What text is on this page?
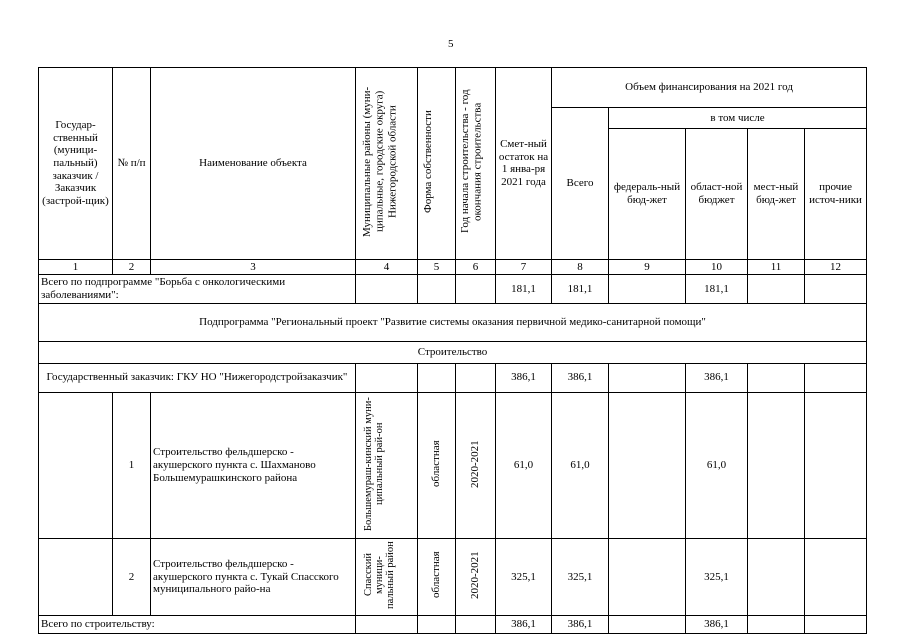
5
Государ-ственный (муници-пальный) заказчик / Заказчик (застрой-щик)	№ п/п	Наименование объекта	Муниципальные районы (муни-ципальные, городские округа) Нижегородской области	Форма собственности	Год начала строительства - год окончания строительства	Смет-ный остаток на 1 янва-ря 2021 года	Объем финансирования на 2021 год				
							Всего	в том числе			
								федераль-ный бюд-жет	област-ной бюджет	мест-ный бюд-жет	прочие источ-ники
1	2	3	4	5	6	7	8	9	10	11	12
Всего по подпрограмме "Борьба с онкологическими заболеваниями":						181,1	181,1		181,1		
Подпрограмма "Региональный проект "Развитие системы оказания первичной медико-санитарной помощи"											
Строительство											
Государственный заказчик: ГКУ НО "Нижегородстройзаказчик"						386,1	386,1		386,1		
	1	Строительство фельдшерско - акушерского пункта с. Шахманово Большемурашкинского района	Большемураш-кинский муни-ципальный рай-он	областная	2020-2021	61,0	61,0		61,0		
	2	Строительство фельдшерско - акушерского пункта с. Тукай Спасского муниципального райо-на	Спасский муници-пальный район	областная	2020-2021	325,1	325,1		325,1		
Всего по строительству:						386,1	386,1		386,1		
